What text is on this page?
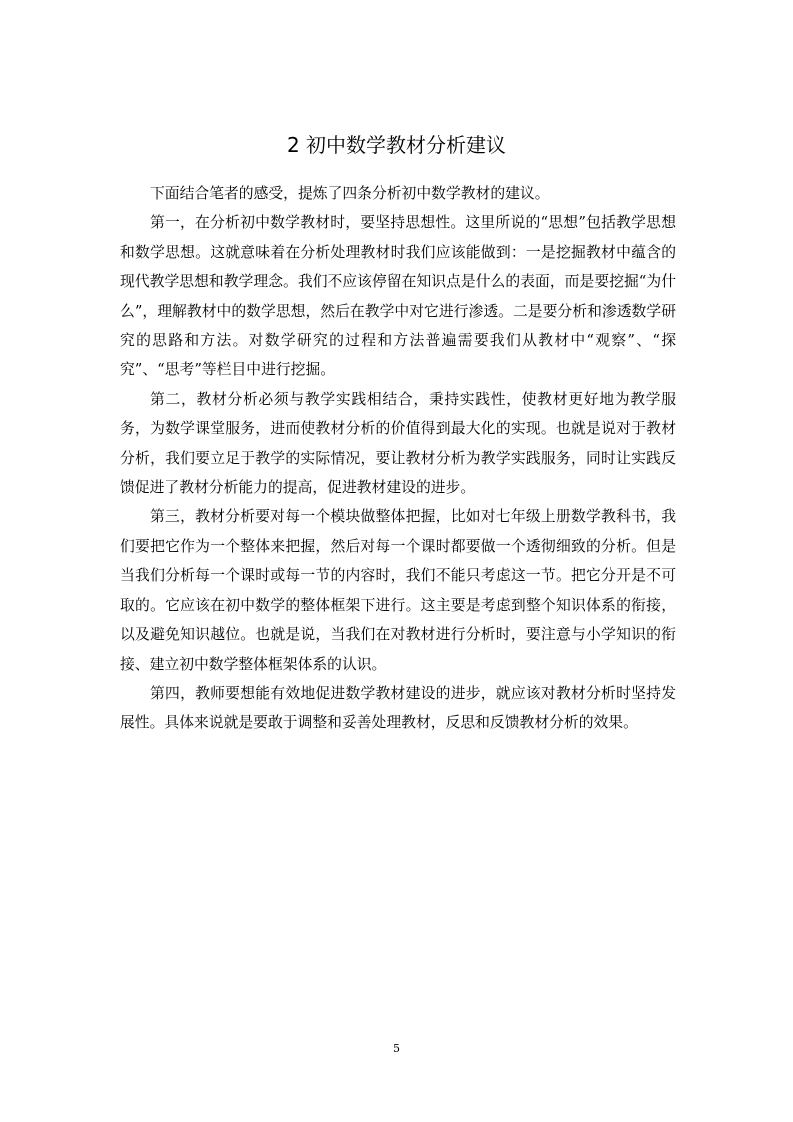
2 初中数学教材分析建议

下面结合笔者的感受，提炼了四条分析初中数学教材的建议。

第一，在分析初中数学教材时，要坚持思想性。这里所说的“思想”包括教学思想和数学思想。这就意味着在分析处理教材时我们应该能做到：一是挖掘教材中蕴含的现代教学思想和教学理念。我们不应该停留在知识点是什么的表面，而是要挖掘“为什么”，理解教材中的数学思想，然后在教学中对它进行渗透。二是要分析和渗透数学研究的思路和方法。对数学研究的过程和方法普遍需要我们从教材中“观察”、“探究”、“思考”等栏目中进行挖掘。

第二，教材分析必须与教学实践相结合，秉持实践性，使教材更好地为教学服务，为数学课堂服务，进而使教材分析的价值得到最大化的实现。也就是说对于教材分析，我们要立足于教学的实际情况，要让教材分析为教学实践服务，同时让实践反馈促进了教材分析能力的提高，促进教材建设的进步。

第三，教材分析要对每一个模块做整体把握，比如对七年级上册数学教科书，我们要把它作为一个整体来把握，然后对每一个课时都要做一个透彻细致的分析。但是当我们分析每一个课时或每一节的内容时，我们不能只考虑这一节。把它分开是不可取的。它应该在初中数学的整体框架下进行。这主要是考虑到整个知识体系的衔接，以及避免知识越位。也就是说，当我们在对教材进行分析时，要注意与小学知识的衔接、建立初中数学整体框架体系的认识。

第四，教师要想能有效地促进数学教材建设的进步，就应该对教材分析时坚持发展性。具体来说就是要敢于调整和妥善处理教材，反思和反馈教材分析的效果。

5
